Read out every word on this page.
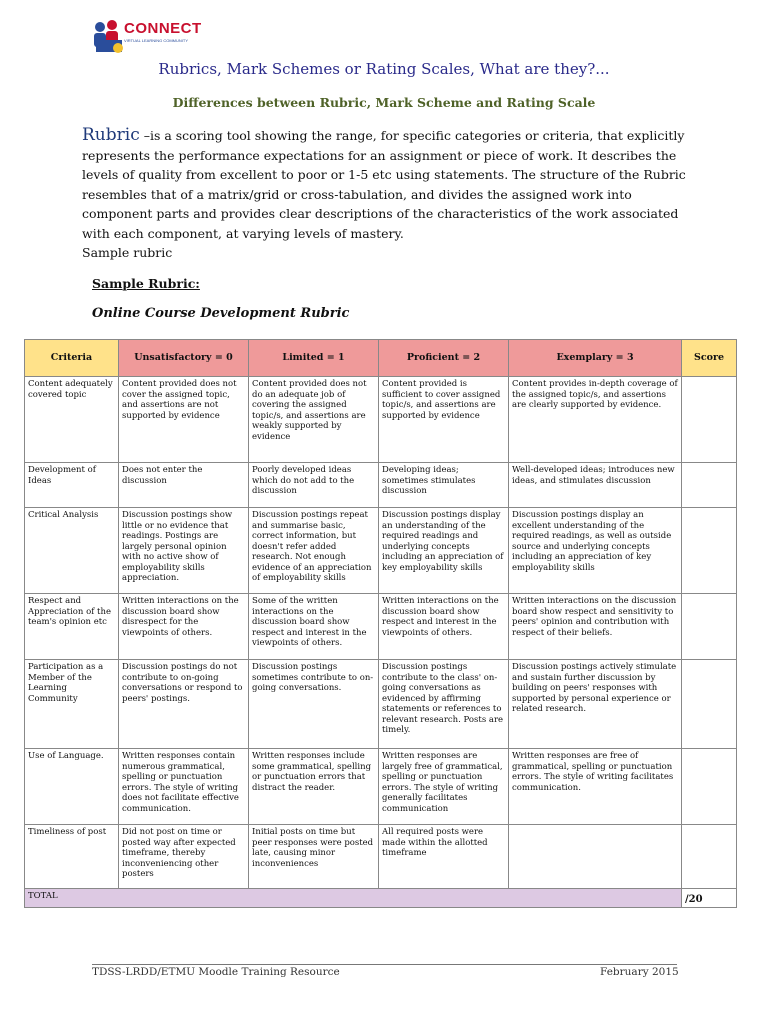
CONNECT
VIRTUAL LEARNING COMMUNITY
Rubrics, Mark Schemes or Rating Scales, What are they?...
Differences between Rubric, Mark Scheme and Rating Scale
Rubric –is a scoring tool showing the range, for specific categories or criteria, that explicitly represents the performance expectations for an assignment or piece of work. It describes the levels of quality from excellent to poor or 1-5 etc using statements. The structure of the Rubric resembles that of a matrix/grid or cross-tabulation, and divides the assigned work into component parts and provides clear descriptions of the characteristics of the work associated with each component, at varying levels of mastery.
Sample rubric
Sample Rubric:
Online Course Development Rubric
Criteria	Unsatisfactory = 0	Limited = 1	Proficient = 2	Exemplary = 3	Score
Content adequately covered topic	Content provided does not cover the assigned topic, and assertions are not supported by evidence	Content provided does not do an adequate job of covering the assigned topic/s, and assertions are weakly supported by evidence	Content provided is sufficient to cover assigned topic/s, and assertions are supported by evidence	Content provides in-depth coverage of the assigned topic/s, and assertions are clearly supported by evidence.	
Development of Ideas	Does not enter the discussion	Poorly developed ideas which do not add to the discussion	Developing ideas; sometimes stimulates discussion	Well-developed ideas; introduces new ideas, and stimulates discussion	
Critical Analysis	Discussion postings show little or no evidence that readings. Postings are largely personal opinion with no active show of employability skills appreciation.	Discussion postings repeat and summarise basic, correct information, but doesn't refer added research. Not enough evidence of an appreciation of employability skills	Discussion postings display an understanding of the required readings and underlying concepts including an appreciation of key employability skills	Discussion postings display an excellent understanding of the required readings, as well as outside source and underlying concepts including an appreciation of key employability skills	
Respect and Appreciation of the team's opinion etc	Written interactions on the discussion board show disrespect for the viewpoints of others.	Some of the written interactions on the discussion board show respect and interest in the viewpoints of others.	Written interactions on the discussion board show respect and interest in the viewpoints of others.	Written interactions on the discussion board show respect and sensitivity to peers' opinion and contribution with respect of their beliefs.	
Participation as a Member of the Learning Community	Discussion postings do not contribute to on-going conversations or respond to peers' postings.	Discussion postings sometimes contribute to on-going conversations.	Discussion postings contribute to the class' on-going conversations as evidenced by affirming statements or references to relevant research. Posts are timely.	Discussion postings actively stimulate and sustain further discussion by building on peers' responses with supported by personal experience or related research.	
Use of Language.	Written responses contain numerous grammatical, spelling or punctuation errors. The style of writing does not facilitate effective communication.	Written responses include some grammatical, spelling or punctuation errors that distract the reader.	Written responses are largely free of grammatical, spelling or punctuation errors. The style of writing generally facilitates communication	Written responses are free of grammatical, spelling or punctuation errors. The style of writing facilitates communication.	
Timeliness of post	Did not post on time or posted way after expected timeframe, thereby inconveniencing other posters	Initial posts on time but peer responses were posted late, causing minor inconveniences	All required posts were made within the allotted timeframe		
TOTAL					/20
TDSS-LRDD/ETMU Moodle Training Resource	February 2015
